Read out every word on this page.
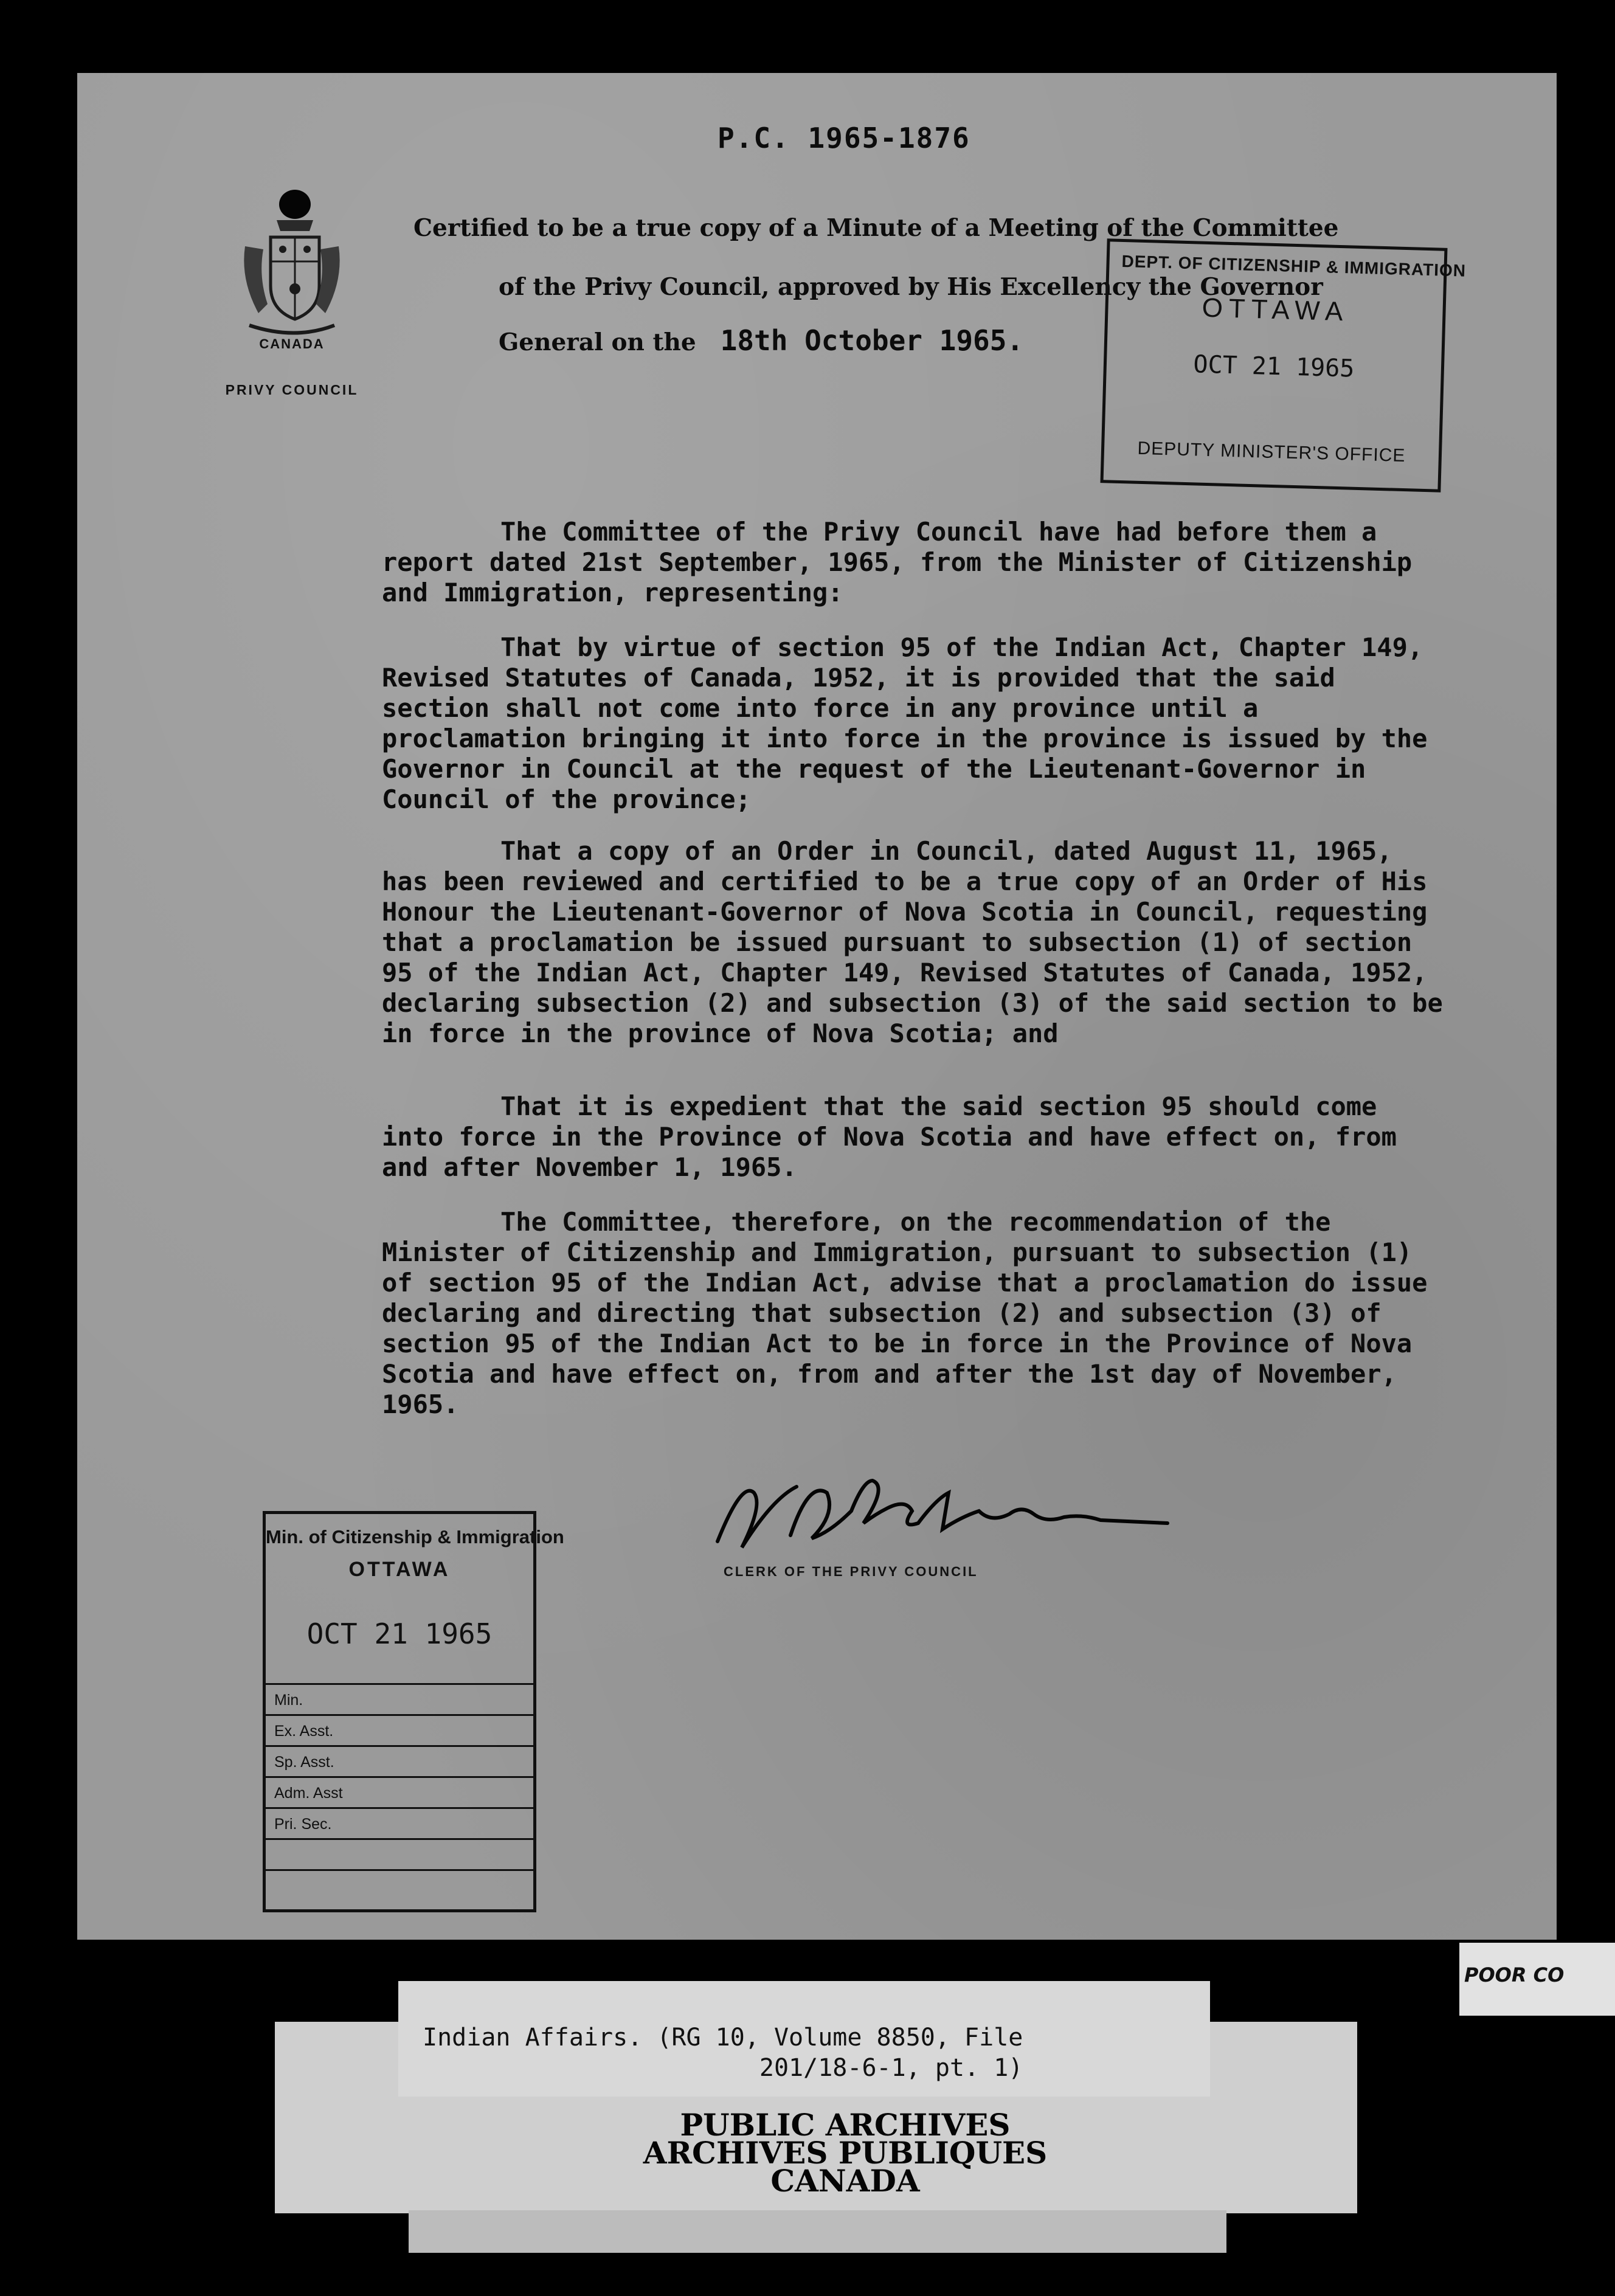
P.C. 1965-1876
CANADA
PRIVY COUNCIL
Certified to be a true copy of a Minute of a Meeting of the Committee
of the Privy Council, approved by His Excellency the Governor
General on the 18th October 1965.
DEPT. OF CITIZENSHIP & IMMIGRATION
OTTAWA
OCT 21 1965
DEPUTY MINISTER'S OFFICE

The Committee of the Privy Council have had before them a report dated 21st September, 1965, from the Minister of Citizenship and Immigration, representing:

That by virtue of section 95 of the Indian Act, Chapter 149, Revised Statutes of Canada, 1952, it is provided that the said section shall not come into force in any province until a proclamation bringing it into force in the province is issued by the Governor in Council at the request of the Lieutenant-Governor in Council of the province;

That a copy of an Order in Council, dated August 11, 1965, has been reviewed and certified to be a true copy of an Order of His Honour the Lieutenant-Governor of Nova Scotia in Council, requesting that a proclamation be issued pursuant to subsection (1) of section 95 of the Indian Act, Chapter 149, Revised Statutes of Canada, 1952, declaring subsection (2) and subsection (3) of the said section to be in force in the province of Nova Scotia; and

That it is expedient that the said section 95 should come into force in the Province of Nova Scotia and have effect on, from and after November 1, 1965.

The Committee, therefore, on the recommendation of the Minister of Citizenship and Immigration, pursuant to subsection (1) of section 95 of the Indian Act, advise that a proclamation do issue declaring and directing that subsection (2) and subsection (3) of section 95 of the Indian Act to be in force in the Province of Nova Scotia and have effect on, from and after the 1st day of November, 1965.

CLERK OF THE PRIVY COUNCIL
Min. of Citizenship & Immigration
OTTAWA
OCT 21 1965
Min.
Ex. Asst.
Sp. Asst.
Adm. Asst
Pri. Sec.
Indian Affairs. (RG 10, Volume 8850, File
201/18-6-1, pt. 1)
PUBLIC ARCHIVES
ARCHIVES PUBLIQUES
CANADA
POOR CO
